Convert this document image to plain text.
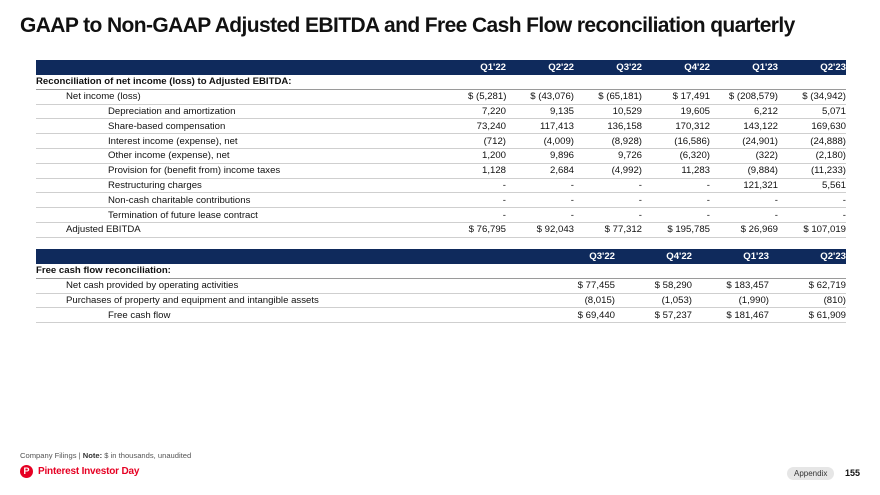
GAAP to Non-GAAP Adjusted EBITDA and Free Cash Flow reconciliation quarterly
Q1'22	Q2'22	Q3'22	Q4'22	Q1'23	Q2'23
Reconciliation of net income (loss) to Adjusted EBITDA:
Net income (loss)	$ (5,281)	$ (43,076)	$ (65,181)	$ 17,491	$ (208,579)	$ (34,942)
Depreciation and amortization	7,220	9,135	10,529	19,605	6,212	5,071
Share-based compensation	73,240	117,413	136,158	170,312	143,122	169,630
Interest income (expense), net	(712)	(4,009)	(8,928)	(16,586)	(24,901)	(24,888)
Other income (expense), net	1,200	9,896	9,726	(6,320)	(322)	(2,180)
Provision for (benefit from) income taxes	1,128	2,684	(4,992)	11,283	(9,884)	(11,233)
Restructuring charges	-	-	-	-	121,321	5,561
Non-cash charitable contributions	-	-	-	-	-	-
Termination of future lease contract	-	-	-	-	-	-
Adjusted EBITDA	$ 76,795	$ 92,043	$ 77,312	$ 195,785	$ 26,969	$ 107,019
Q3'22	Q4'22	Q1'23	Q2'23
Free cash flow reconciliation:
Net cash provided by operating activities	$ 77,455	$ 58,290	$ 183,457	$ 62,719
Purchases of property and equipment and intangible assets	(8,015)	(1,053)	(1,990)	(810)
Free cash flow	$ 69,440	$ 57,237	$ 181,467	$ 61,909
Company Filings | Note: $ in thousands, unaudited
P Pinterest Investor Day	Appendix	155
